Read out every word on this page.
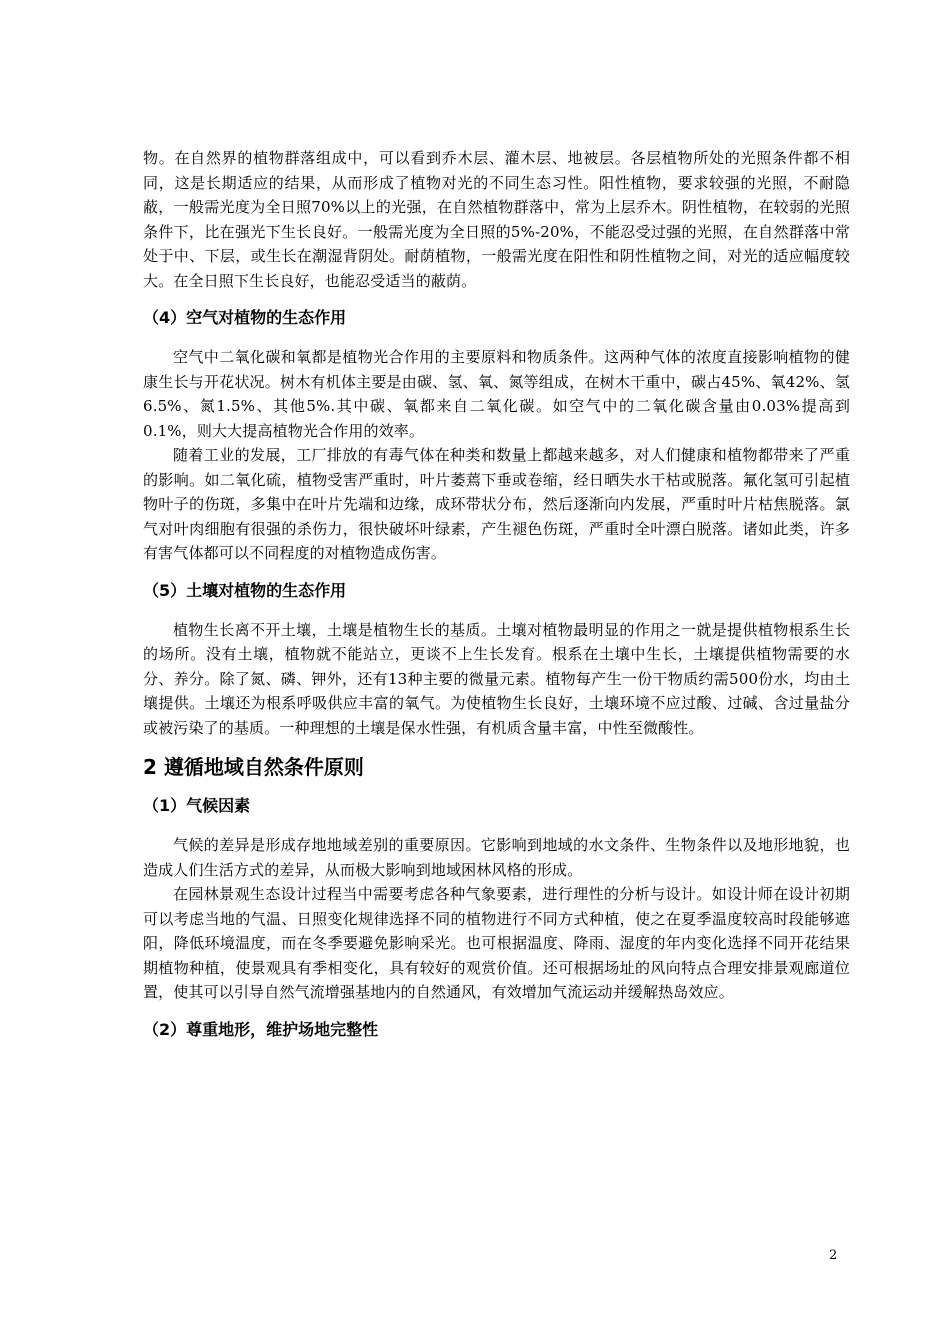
物。在自然界的植物群落组成中，可以看到乔木层、灌木层、地被层。各层植物所处的光照条件都不相同，这是长期适应的结果，从而形成了植物对光的不同生态习性。阳性植物，要求较强的光照，不耐隐蔽，一般需光度为全日照70%以上的光强，在自然植物群落中，常为上层乔木。阴性植物，在较弱的光照条件下，比在强光下生长良好。一般需光度为全日照的5%-20%，不能忍受过强的光照，在自然群落中常处于中、下层，或生长在潮湿背阴处。耐荫植物，一般需光度在阳性和阴性植物之间，对光的适应幅度较大。在全日照下生长良好，也能忍受适当的蔽荫。

（4）空气对植物的生态作用

空气中二氧化碳和氧都是植物光合作用的主要原料和物质条件。这两种气体的浓度直接影响植物的健康生长与开花状况。树木有机体主要是由碳、氢、氧、氮等组成，在树木干重中，碳占45%、氧42%、氢6.5%、氮1.5%、其他5%.其中碳、氧都来自二氧化碳。如空气中的二氧化碳含量由0.03%提高到0.1%，则大大提高植物光合作用的效率。

随着工业的发展，工厂排放的有毒气体在种类和数量上都越来越多，对人们健康和植物都带来了严重的影响。如二氧化硫，植物受害严重时，叶片萎蔫下垂或卷缩，经日晒失水干枯或脱落。氟化氢可引起植物叶子的伤斑，多集中在叶片先端和边缘，成环带状分布，然后逐渐向内发展，严重时叶片枯焦脱落。氯气对叶肉细胞有很强的杀伤力，很快破坏叶绿素，产生褪色伤斑，严重时全叶漂白脱落。诸如此类，许多有害气体都可以不同程度的对植物造成伤害。

（5）土壤对植物的生态作用

植物生长离不开土壤，土壤是植物生长的基质。土壤对植物最明显的作用之一就是提供植物根系生长的场所。没有土壤，植物就不能站立，更谈不上生长发育。根系在土壤中生长，土壤提供植物需要的水分、养分。除了氮、磷、钾外，还有13种主要的微量元素。植物每产生一份干物质约需500份水，均由土壤提供。土壤还为根系呼吸供应丰富的氧气。为使植物生长良好，土壤环境不应过酸、过碱、含过量盐分或被污染了的基质。一种理想的土壤是保水性强，有机质含量丰富，中性至微酸性。

2 遵循地域自然条件原则
（1）气候因素

气候的差异是形成存地地域差别的重要原因。它影响到地域的水文条件、生物条件以及地形地貌，也造成人们生活方式的差异，从而极大影响到地域困林风格的形成。

在园林景观生态设计过程当中需要考虑各种气象要素，进行理性的分析与设计。如设计师在设计初期可以考虑当地的气温、日照变化规律选择不同的植物进行不同方式种植，使之在夏季温度较高时段能够遮阳，降低环境温度，而在冬季要避免影响采光。也可根据温度、降雨、湿度的年内变化选择不同开花结果期植物种植，使景观具有季相变化，具有较好的观赏价值。还可根据场址的风向特点合理安排景观廊道位置，使其可以引导自然气流增强基地内的自然通风，有效增加气流运动并缓解热岛效应。

（2）尊重地形，维护场地完整性
2
